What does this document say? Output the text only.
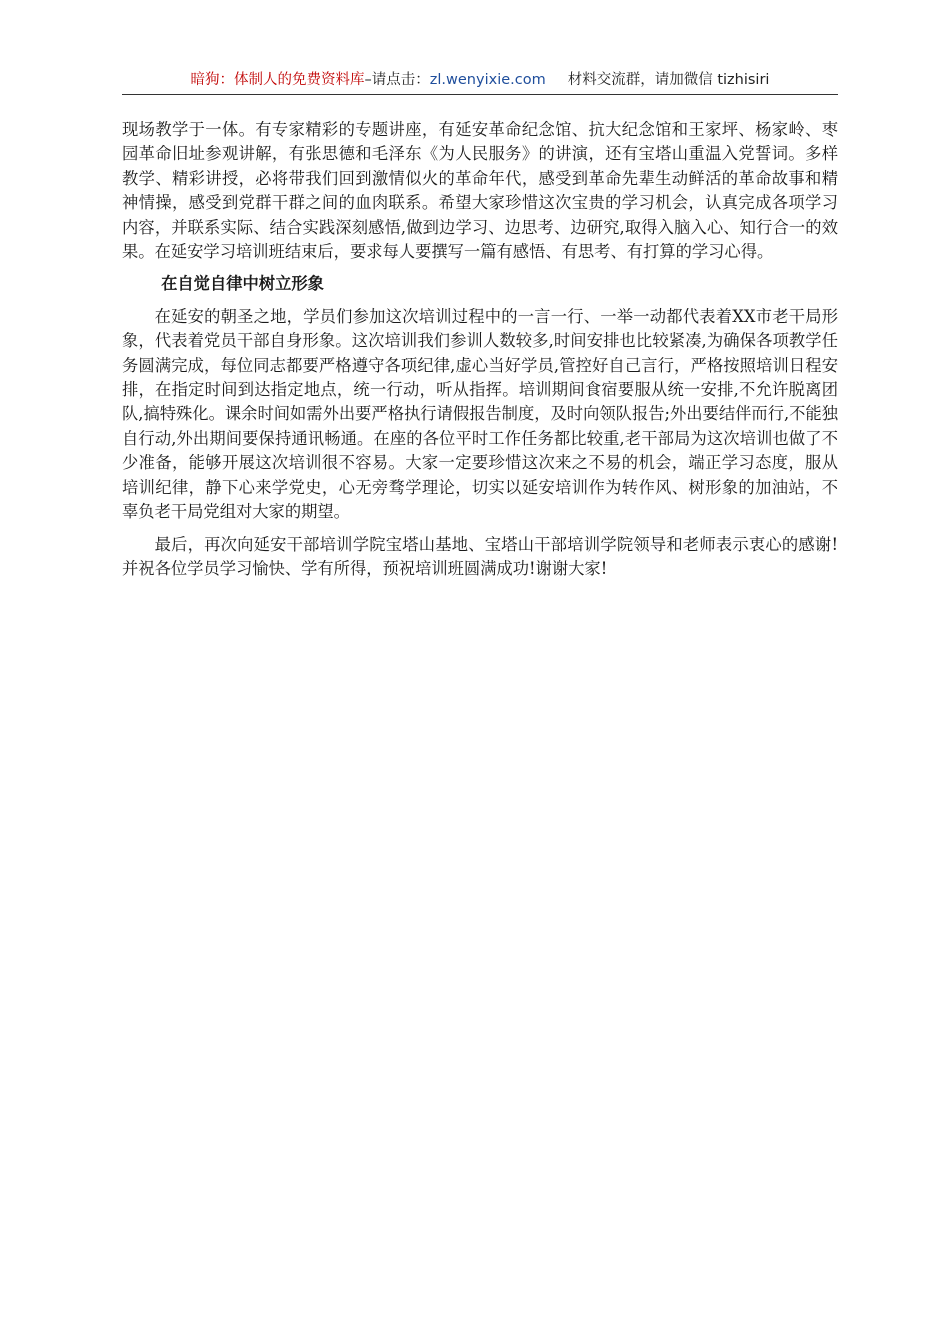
暗狗：体制人的免费资料库–请点击：zl.wenyixie.com 材料交流群，请加微信 tizhisiri

现场教学于一体。有专家精彩的专题讲座，有延安革命纪念馆、抗大纪念馆和王家坪、杨家岭、枣园革命旧址参观讲解，有张思德和毛泽东《为人民服务》的讲演，还有宝塔山重温入党誓词。多样教学、精彩讲授，必将带我们回到激情似火的革命年代，感受到革命先辈生动鲜活的革命故事和精神情操，感受到党群干群之间的血肉联系。希望大家珍惜这次宝贵的学习机会，认真完成各项学习内容，并联系实际、结合实践深刻感悟,做到边学习、边思考、边研究,取得入脑入心、知行合一的效果。在延安学习培训班结束后，要求每人要撰写一篇有感悟、有思考、有打算的学习心得。

在自觉自律中树立形象

在延安的朝圣之地，学员们参加这次培训过程中的一言一行、一举一动都代表着XX市老干局形象，代表着党员干部自身形象。这次培训我们参训人数较多,时间安排也比较紧凑,为确保各项教学任务圆满完成，每位同志都要严格遵守各项纪律,虚心当好学员,管控好自己言行，严格按照培训日程安排，在指定时间到达指定地点，统一行动，听从指挥。培训期间食宿要服从统一安排,不允许脱离团队,搞特殊化。课余时间如需外出要严格执行请假报告制度，及时向领队报告;外出要结伴而行,不能独自行动,外出期间要保持通讯畅通。在座的各位平时工作任务都比较重,老干部局为这次培训也做了不少准备，能够开展这次培训很不容易。大家一定要珍惜这次来之不易的机会，端正学习态度，服从培训纪律，静下心来学党史，心无旁骛学理论，切实以延安培训作为转作风、树形象的加油站，不辜负老干局党组对大家的期望。

最后，再次向延安干部培训学院宝塔山基地、宝塔山干部培训学院领导和老师表示衷心的感谢!并祝各位学员学习愉快、学有所得，预祝培训班圆满成功!谢谢大家!
